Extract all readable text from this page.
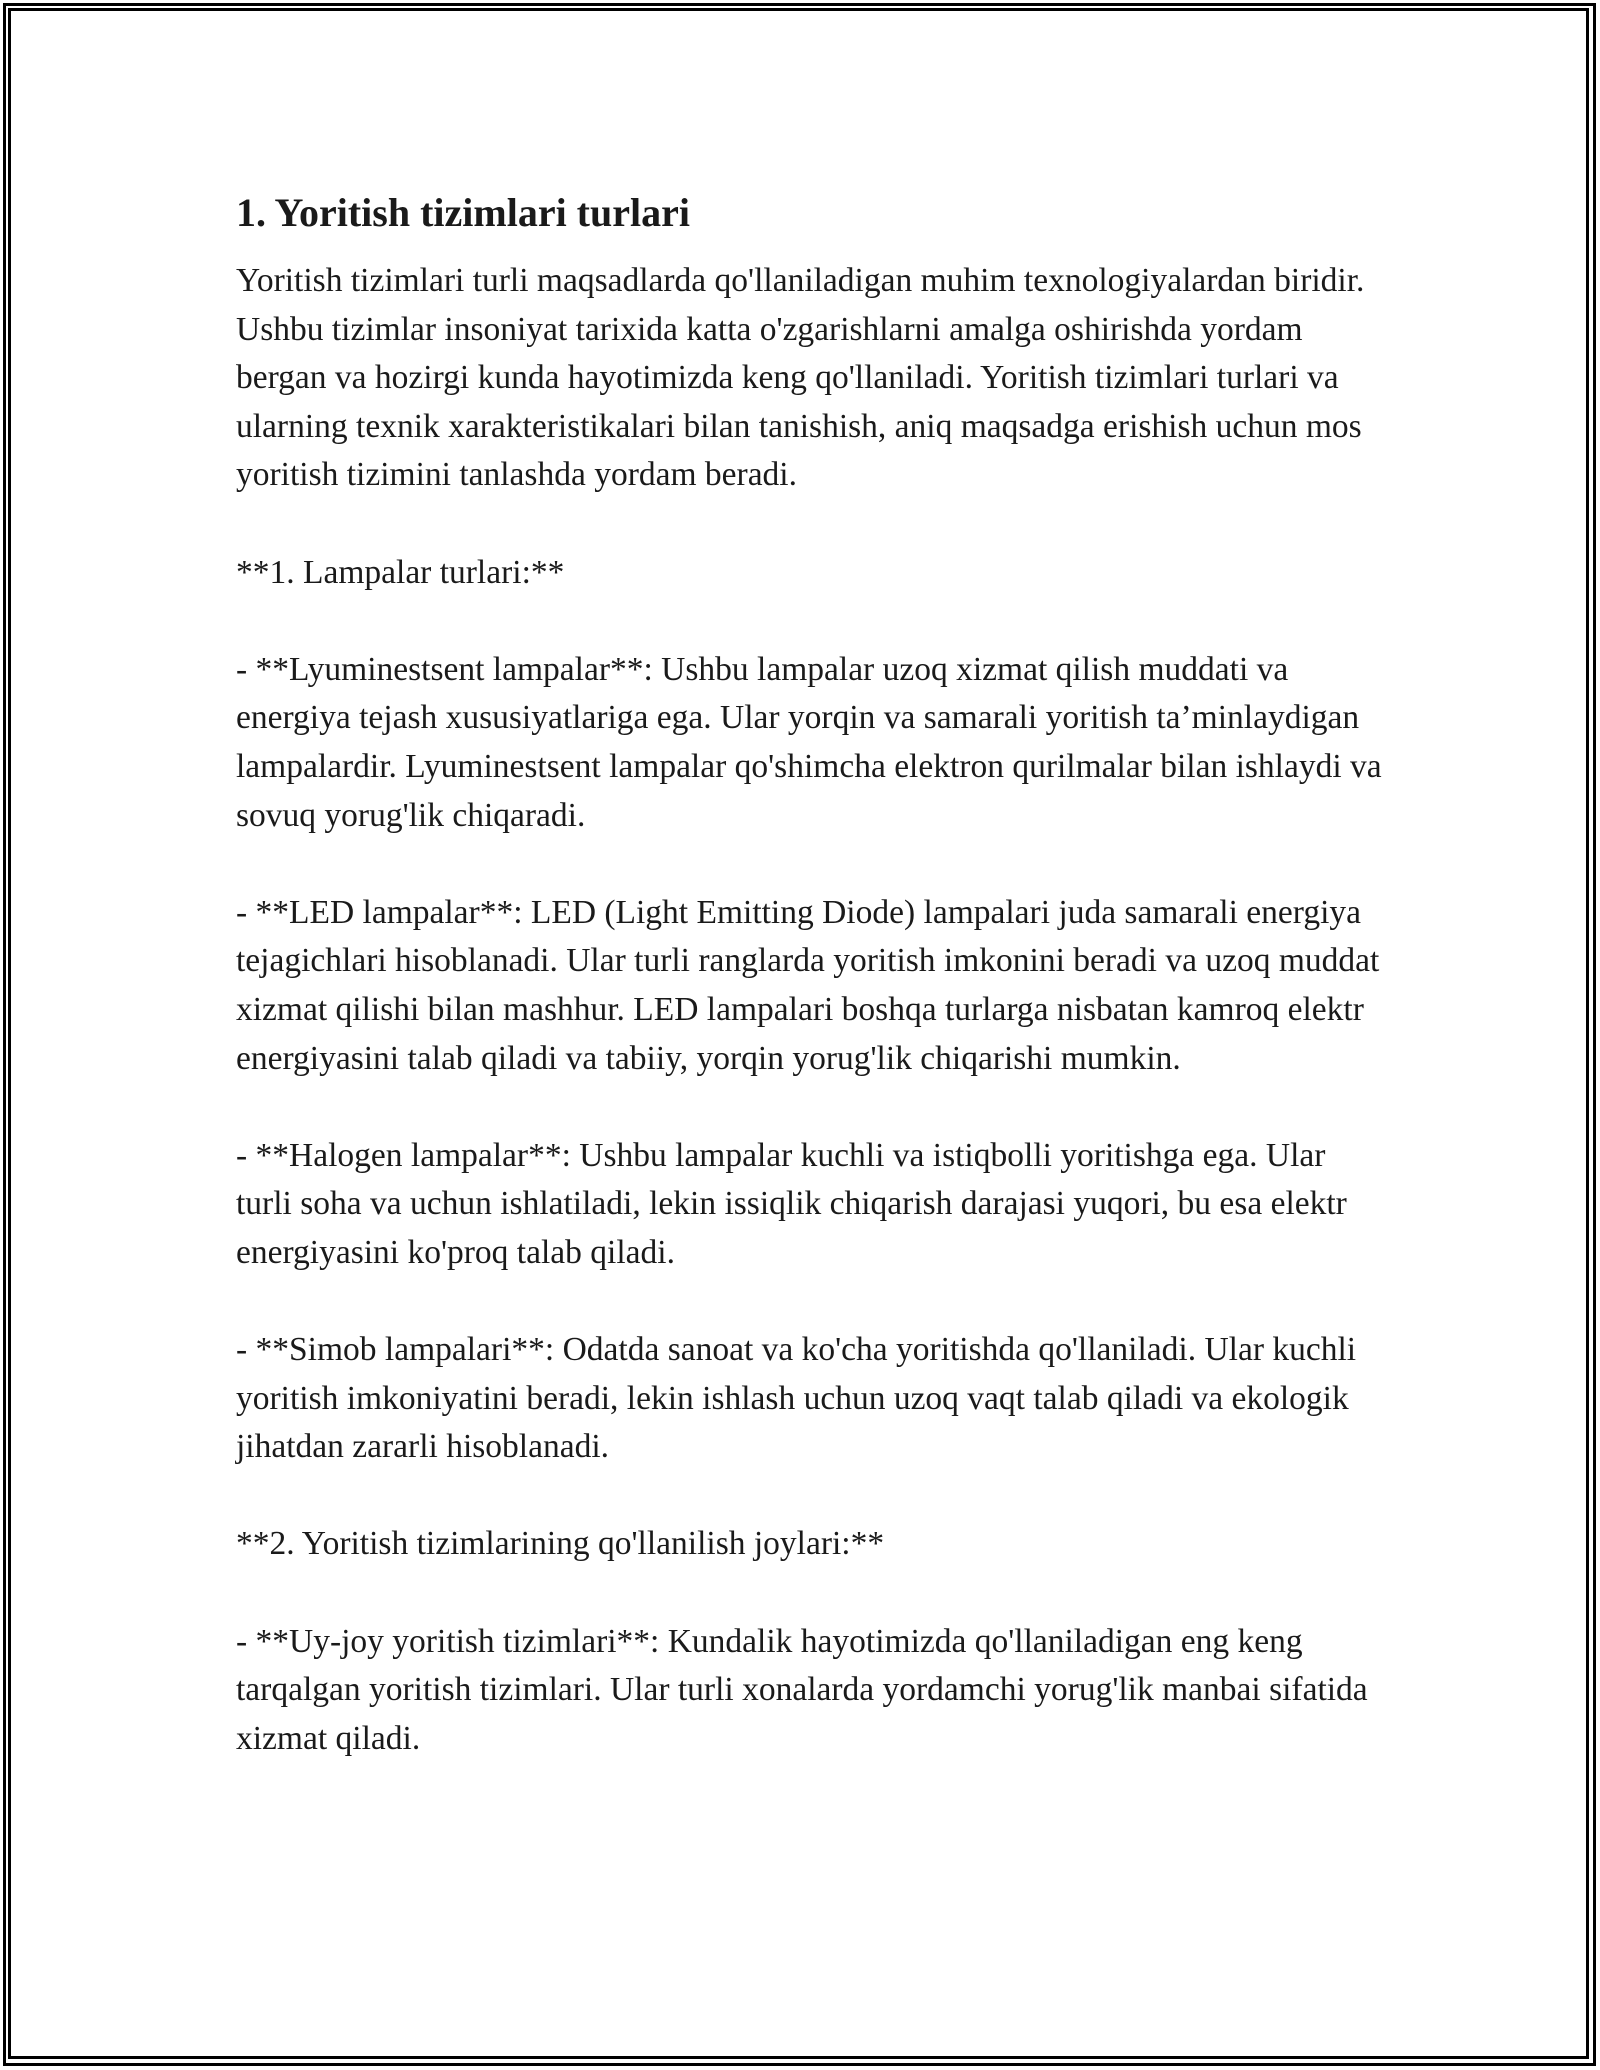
1. Yoritish tizimlari turlari

Yoritish tizimlari turli maqsadlarda qo'llaniladigan muhim texnologiyalardan biridir. Ushbu tizimlar insoniyat tarixida katta o'zgarishlarni amalga oshirishda yordam bergan va hozirgi kunda hayotimizda keng qo'llaniladi. Yoritish tizimlari turlari va ularning texnik xarakteristikalari bilan tanishish, aniq maqsadga erishish uchun mos yoritish tizimini tanlashda yordam beradi.

**1. Lampalar turlari:**

- **Lyuminestsent lampalar**: Ushbu lampalar uzoq xizmat qilish muddati va energiya tejash xususiyatlariga ega. Ular yorqin va samarali yoritish ta’minlaydigan lampalardir. Lyuminestsent lampalar qo'shimcha elektron qurilmalar bilan ishlaydi va sovuq yorug'lik chiqaradi.

- **LED lampalar**: LED (Light Emitting Diode) lampalari juda samarali energiya tejagichlari hisoblanadi. Ular turli ranglarda yoritish imkonini beradi va uzoq muddat xizmat qilishi bilan mashhur. LED lampalari boshqa turlarga nisbatan kamroq elektr energiyasini talab qiladi va tabiiy, yorqin yorug'lik chiqarishi mumkin.

- **Halogen lampalar**: Ushbu lampalar kuchli va istiqbolli yoritishga ega. Ular turli soha va uchun ishlatiladi, lekin issiqlik chiqarish darajasi yuqori, bu esa elektr energiyasini ko'proq talab qiladi.

- **Simob lampalari**: Odatda sanoat va ko'cha yoritishda qo'llaniladi. Ular kuchli yoritish imkoniyatini beradi, lekin ishlash uchun uzoq vaqt talab qiladi va ekologik jihatdan zararli hisoblanadi.

**2. Yoritish tizimlarining qo'llanilish joylari:**

- **Uy-joy yoritish tizimlari**: Kundalik hayotimizda qo'llaniladigan eng keng tarqalgan yoritish tizimlari. Ular turli xonalarda yordamchi yorug'lik manbai sifatida xizmat qiladi.
